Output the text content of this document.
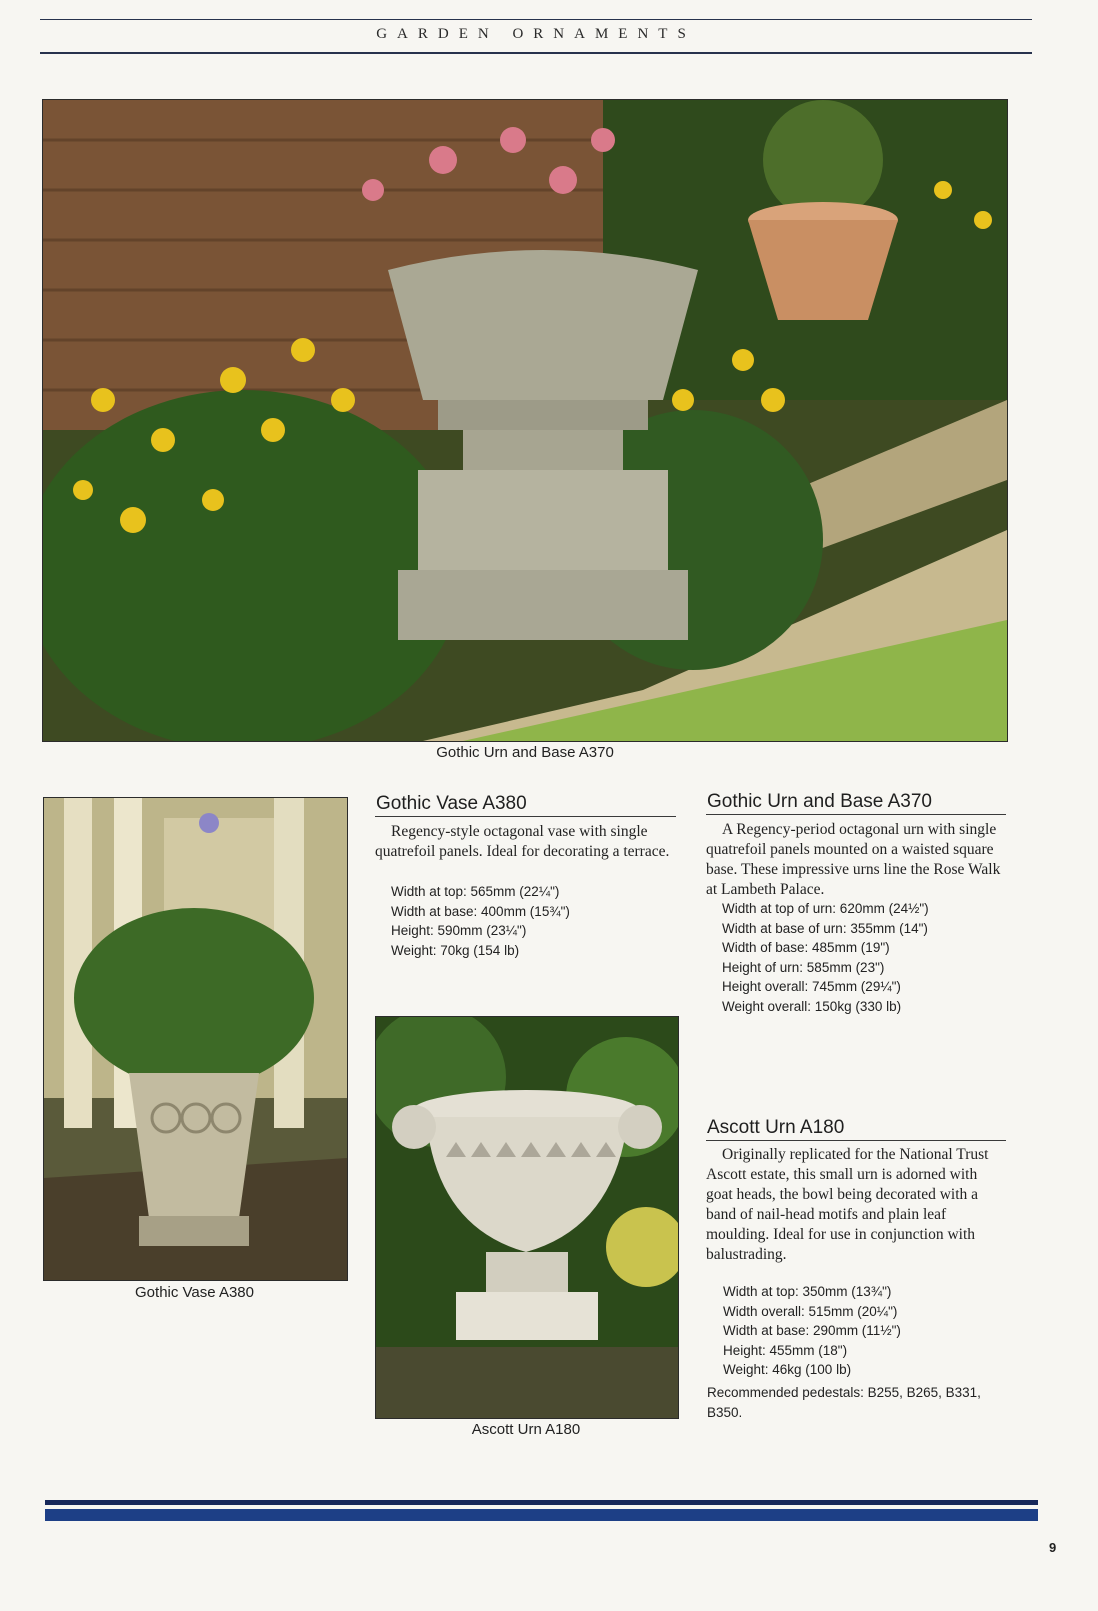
GARDEN ORNAMENTS
Gothic Urn and Base A370
Gothic Vase A380
Ascott Urn A180
Gothic Vase A380

Regency-style octagonal vase with single quatrefoil panels. Ideal for decorating a terrace.

Width at top: 565mm (22¼")
Width at base: 400mm (15¾")
Height: 590mm (23¼")
Weight: 70kg (154 lb)
Gothic Urn and Base A370

A Regency-period octagonal urn with single quatrefoil panels mounted on a waisted square base. These impressive urns line the Rose Walk at Lambeth Palace.

Width at top of urn: 620mm (24½")
Width at base of urn: 355mm (14")
Width of base: 485mm (19")
Height of urn: 585mm (23")
Height overall: 745mm (29¼")
Weight overall: 150kg (330 lb)
Ascott Urn A180

Originally replicated for the National Trust Ascott estate, this small urn is adorned with goat heads, the bowl being decorated with a band of nail-head motifs and plain leaf moulding. Ideal for use in conjunction with balustrading.

Width at top: 350mm (13¾")
Width overall: 515mm (20¼")
Width at base: 290mm (11½")
Height: 455mm (18")
Weight: 46kg (100 lb)

Recommended pedestals: B255, B265, B331, B350.

9
